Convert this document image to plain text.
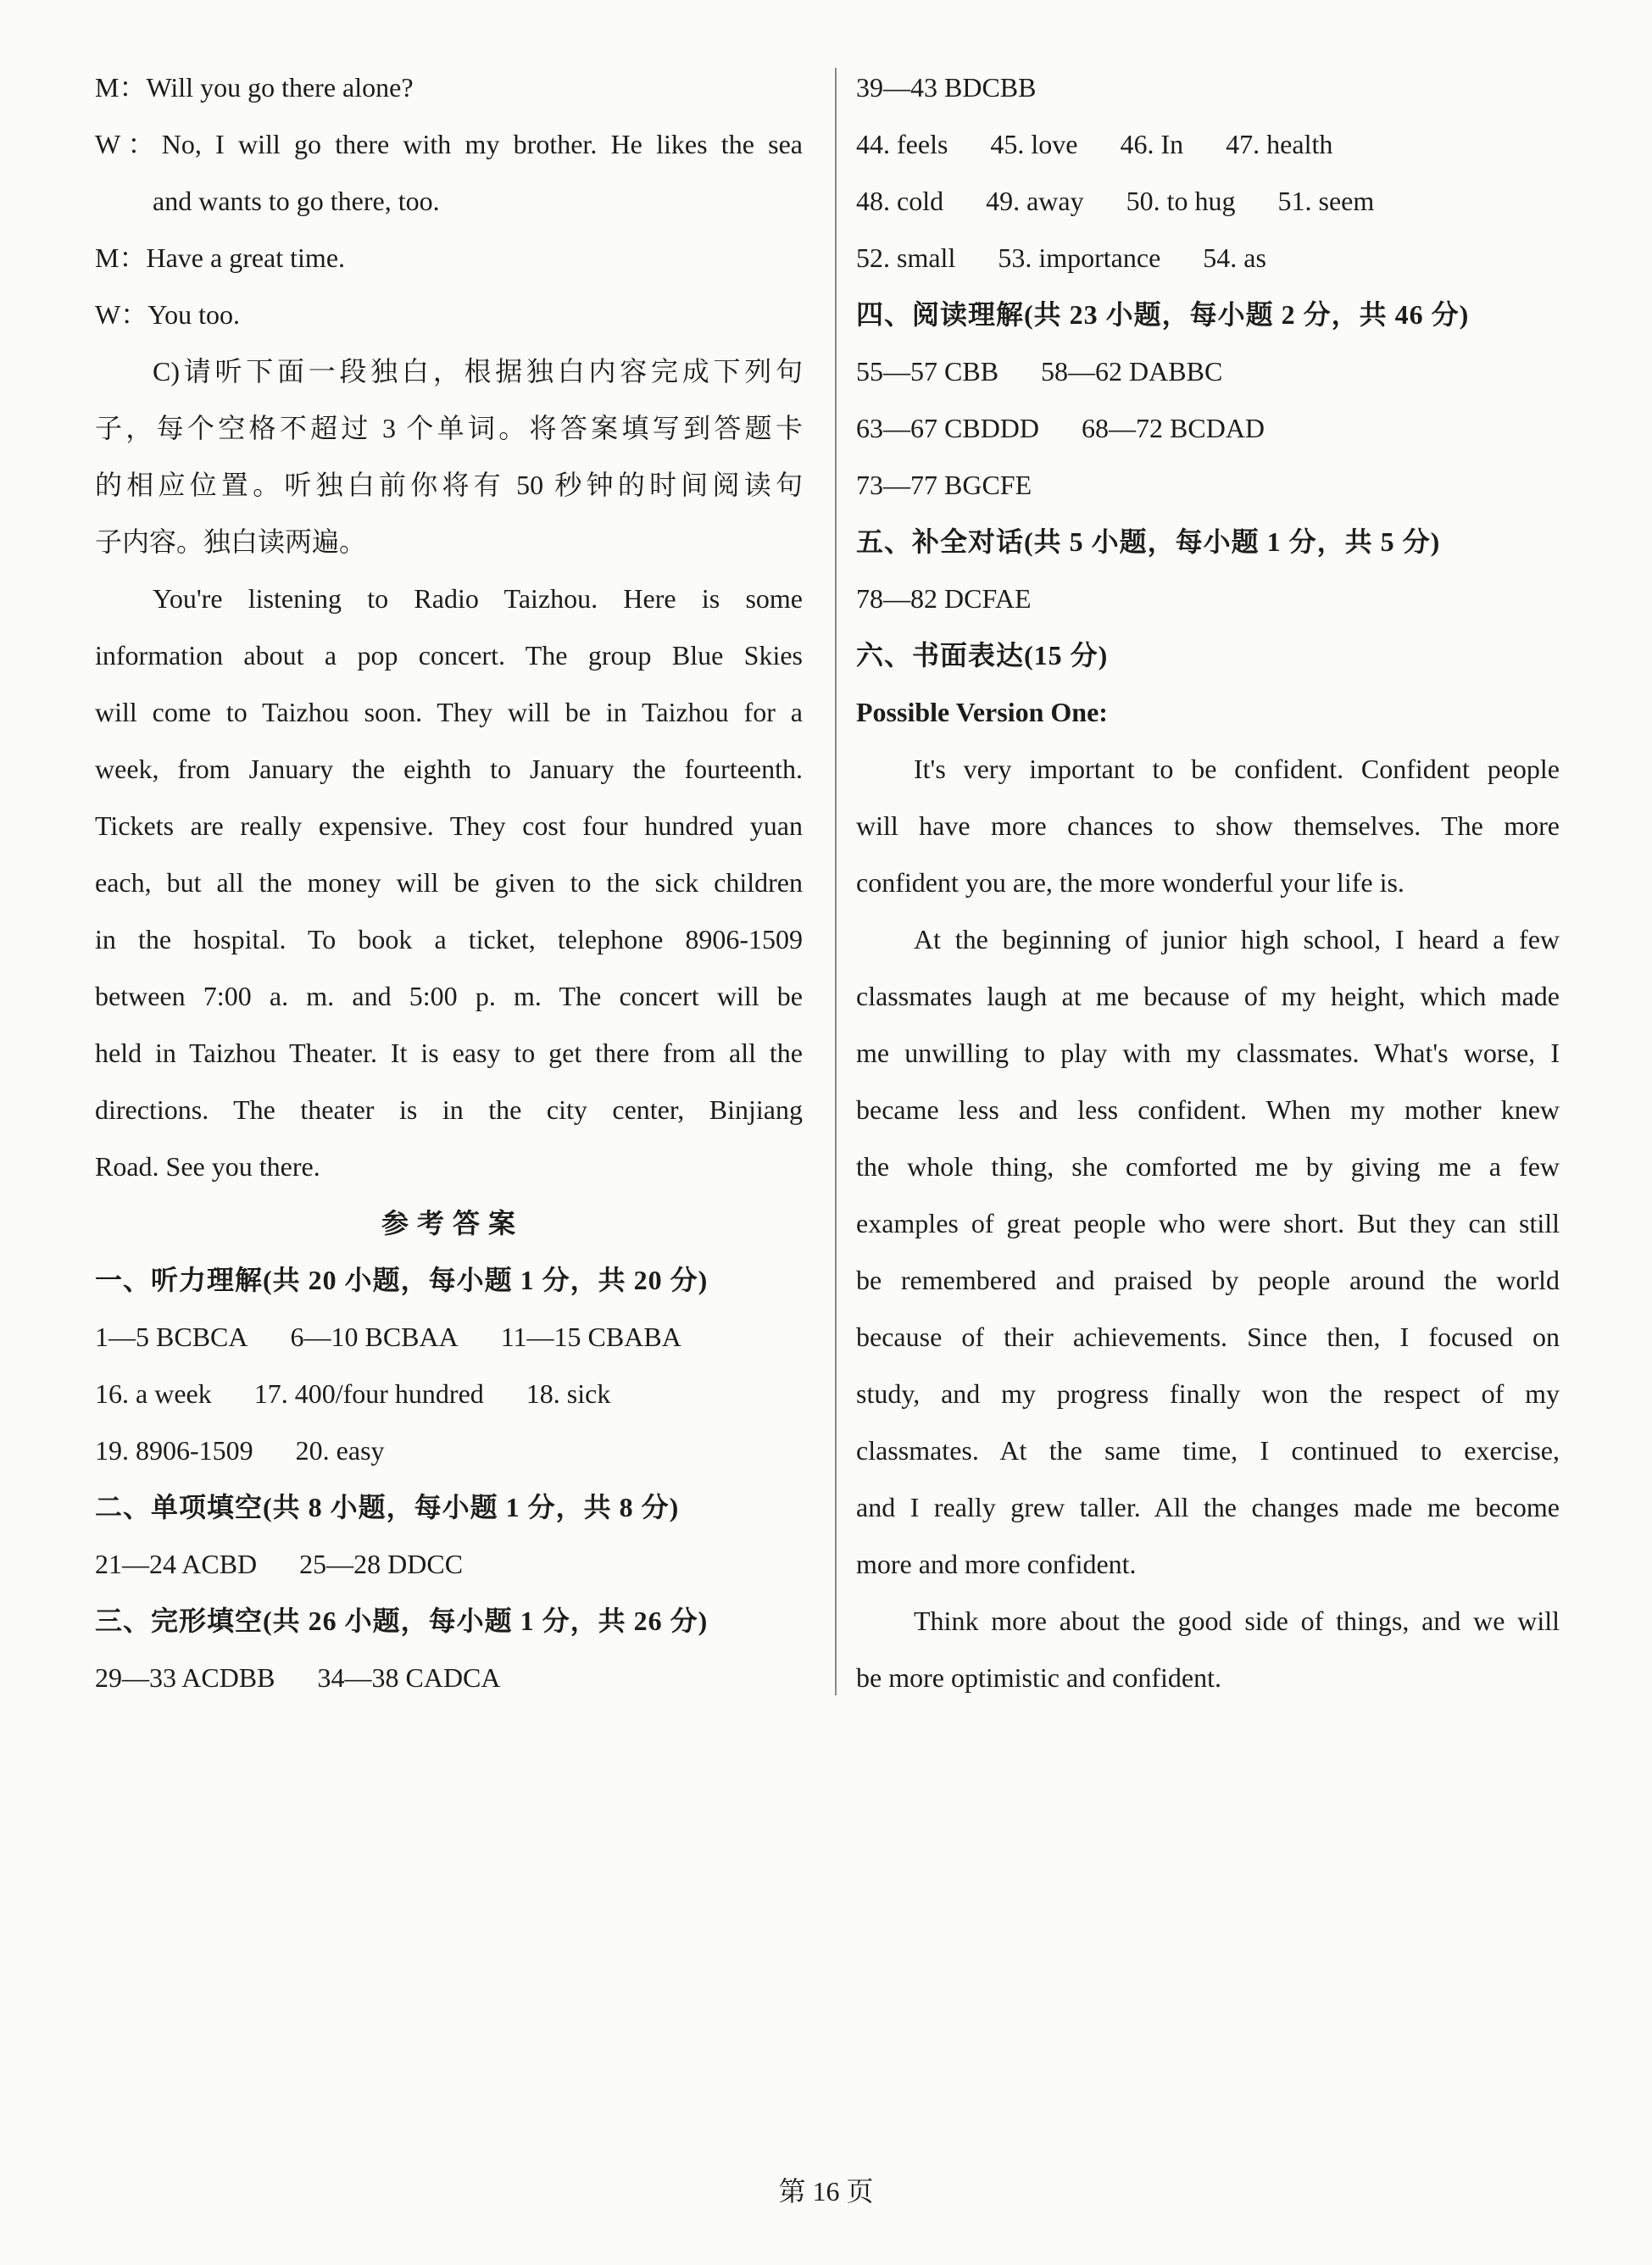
M：Will you go there alone?
W：No, I will go there with my brother. He likes the sea
and wants to go there, too.
M：Have a great time.
W：You too.
C)请听下面一段独白，根据独白内容完成下列句
子，每个空格不超过 3 个单词。将答案填写到答题卡
的相应位置。听独白前你将有 50 秒钟的时间阅读句
子内容。独白读两遍。
You're listening to Radio Taizhou. Here is some
information about a pop concert. The group Blue Skies
will come to Taizhou soon. They will be in Taizhou for a
week, from January the eighth to January the fourteenth.
Tickets are really expensive. They cost four hundred yuan
each, but all the money will be given to the sick children
in the hospital. To book a ticket, telephone 8906-1509
between 7:00 a. m. and 5:00 p. m. The concert will be
held in Taizhou Theater. It is easy to get there from all the
directions. The theater is in the city center, Binjiang
Road. See you there.
参 考 答 案
一、听力理解(共 20 小题，每小题 1 分，共 20 分)
1—5 BCBCA 6—10 BCBAA 11—15 CBABA
16. a week 17. 400/four hundred 18. sick
19. 8906-1509 20. easy
二、单项填空(共 8 小题，每小题 1 分，共 8 分)
21—24 ACBD 25—28 DDCC
三、完形填空(共 26 小题，每小题 1 分，共 26 分)
29—33 ACDBB 34—38 CADCA
39—43 BDCBB
44. feels 45. love 46. In 47. health
48. cold 49. away 50. to hug 51. seem
52. small 53. importance 54. as
四、阅读理解(共 23 小题，每小题 2 分，共 46 分)
55—57 CBB 58—62 DABBC
63—67 CBDDD 68—72 BCDAD
73—77 BGCFE
五、补全对话(共 5 小题，每小题 1 分，共 5 分)
78—82 DCFAE
六、书面表达(15 分)
Possible Version One:
It's very important to be confident. Confident people
will have more chances to show themselves. The more
confident you are, the more wonderful your life is.
At the beginning of junior high school, I heard a few
classmates laugh at me because of my height, which made
me unwilling to play with my classmates. What's worse, I
became less and less confident. When my mother knew
the whole thing, she comforted me by giving me a few
examples of great people who were short. But they can still
be remembered and praised by people around the world
because of their achievements. Since then, I focused on
study, and my progress finally won the respect of my
classmates. At the same time, I continued to exercise,
and I really grew taller. All the changes made me become
more and more confident.
Think more about the good side of things, and we will
be more optimistic and confident.
第 16 页
